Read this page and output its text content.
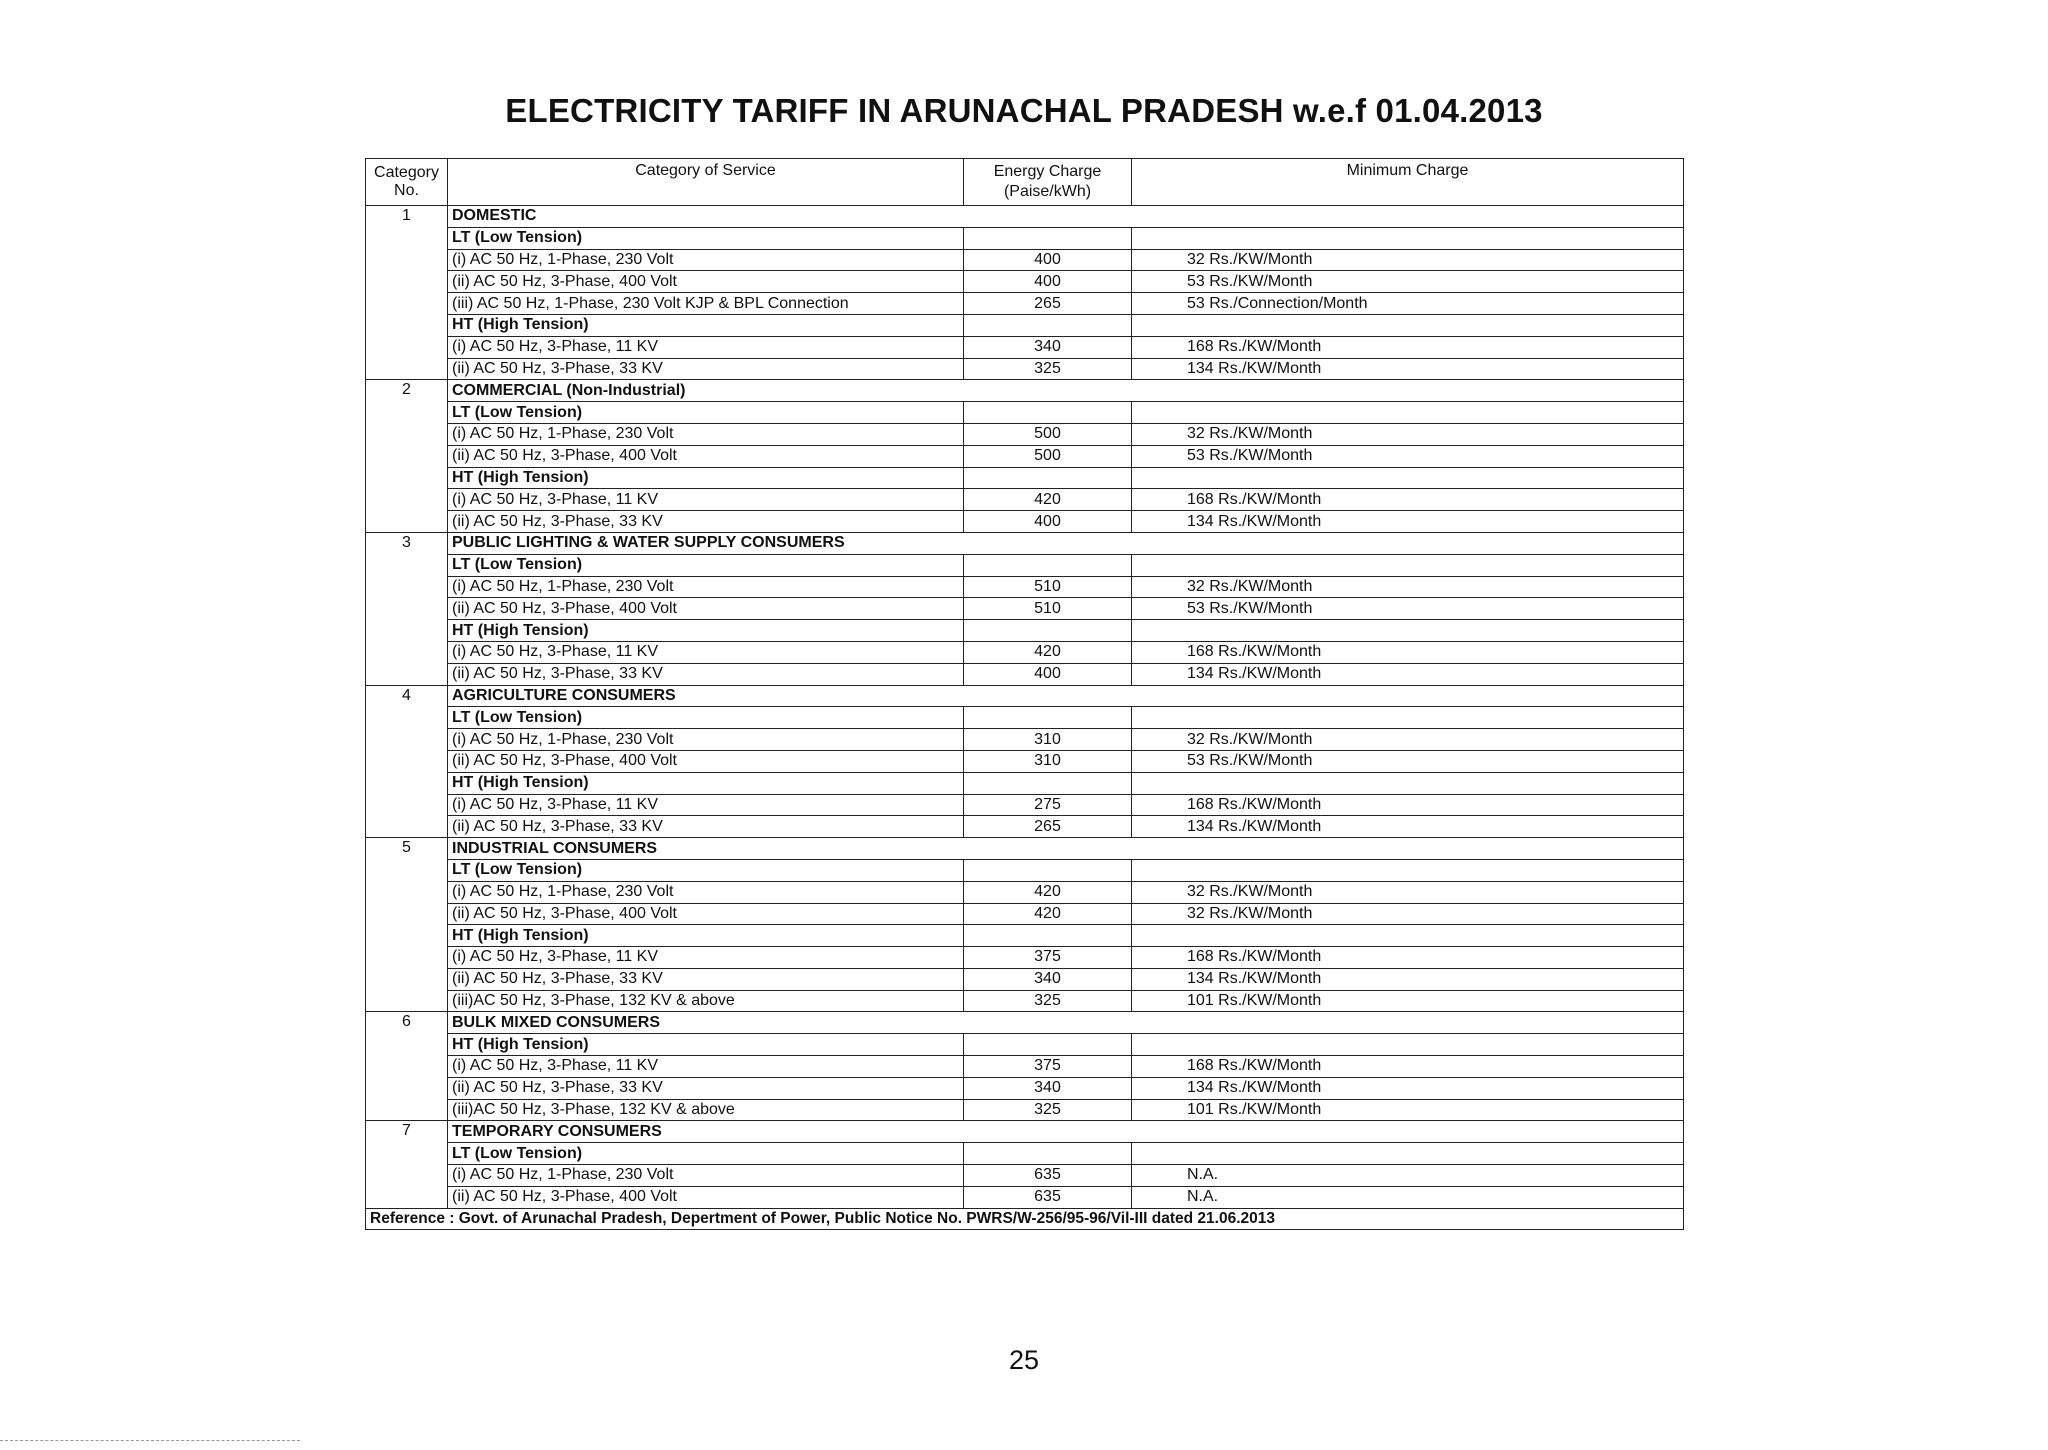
ELECTRICITY TARIFF IN ARUNACHAL PRADESH w.e.f 01.04.2013
Category No.	Category of Service	Energy Charge (Paise/kWh)	Minimum Charge
1	DOMESTIC		
	LT (Low Tension)		
	(i) AC 50 Hz, 1-Phase, 230 Volt	400	32 Rs./KW/Month
	(ii) AC 50 Hz, 3-Phase, 400 Volt	400	53 Rs./KW/Month
	(iii) AC 50 Hz, 1-Phase, 230 Volt KJP & BPL Connection	265	53 Rs./Connection/Month
	HT (High Tension)		
	(i) AC 50 Hz, 3-Phase, 11 KV	340	168 Rs./KW/Month
	(ii) AC 50 Hz, 3-Phase, 33 KV	325	134 Rs./KW/Month
2	COMMERCIAL (Non-Industrial)		
	LT (Low Tension)		
	(i) AC 50 Hz, 1-Phase, 230 Volt	500	32 Rs./KW/Month
	(ii) AC 50 Hz, 3-Phase, 400 Volt	500	53 Rs./KW/Month
	HT (High Tension)		
	(i) AC 50 Hz, 3-Phase, 11 KV	420	168 Rs./KW/Month
	(ii) AC 50 Hz, 3-Phase, 33 KV	400	134 Rs./KW/Month
3	PUBLIC LIGHTING & WATER SUPPLY CONSUMERS		
	LT (Low Tension)		
	(i) AC 50 Hz, 1-Phase, 230 Volt	510	32 Rs./KW/Month
	(ii) AC 50 Hz, 3-Phase, 400 Volt	510	53 Rs./KW/Month
	HT (High Tension)		
	(i) AC 50 Hz, 3-Phase, 11 KV	420	168 Rs./KW/Month
	(ii) AC 50 Hz, 3-Phase, 33 KV	400	134 Rs./KW/Month
4	AGRICULTURE CONSUMERS		
	LT (Low Tension)		
	(i) AC 50 Hz, 1-Phase, 230 Volt	310	32 Rs./KW/Month
	(ii) AC 50 Hz, 3-Phase, 400 Volt	310	53 Rs./KW/Month
	HT (High Tension)		
	(i) AC 50 Hz, 3-Phase, 11 KV	275	168 Rs./KW/Month
	(ii) AC 50 Hz, 3-Phase, 33 KV	265	134 Rs./KW/Month
5	INDUSTRIAL CONSUMERS		
	LT (Low Tension)		
	(i) AC 50 Hz, 1-Phase, 230 Volt	420	32 Rs./KW/Month
	(ii) AC 50 Hz, 3-Phase, 400 Volt	420	32 Rs./KW/Month
	HT (High Tension)		
	(i) AC 50 Hz, 3-Phase, 11 KV	375	168 Rs./KW/Month
	(ii) AC 50 Hz, 3-Phase, 33 KV	340	134 Rs./KW/Month
	(iii)AC 50 Hz, 3-Phase, 132 KV & above	325	101 Rs./KW/Month
6	BULK MIXED CONSUMERS		
	HT (High Tension)		
	(i) AC 50 Hz, 3-Phase, 11 KV	375	168 Rs./KW/Month
	(ii) AC 50 Hz, 3-Phase, 33 KV	340	134 Rs./KW/Month
	(iii)AC 50 Hz, 3-Phase, 132 KV & above	325	101 Rs./KW/Month
7	TEMPORARY CONSUMERS		
	LT (Low Tension)		
	(i) AC 50 Hz, 1-Phase, 230 Volt	635	N.A.
	(ii) AC 50 Hz, 3-Phase, 400 Volt	635	N.A.
Reference : Govt. of Arunachal Pradesh, Depertment of Power, Public Notice No. PWRS/W-256/95-96/Vil-III dated 21.06.2013			
25
